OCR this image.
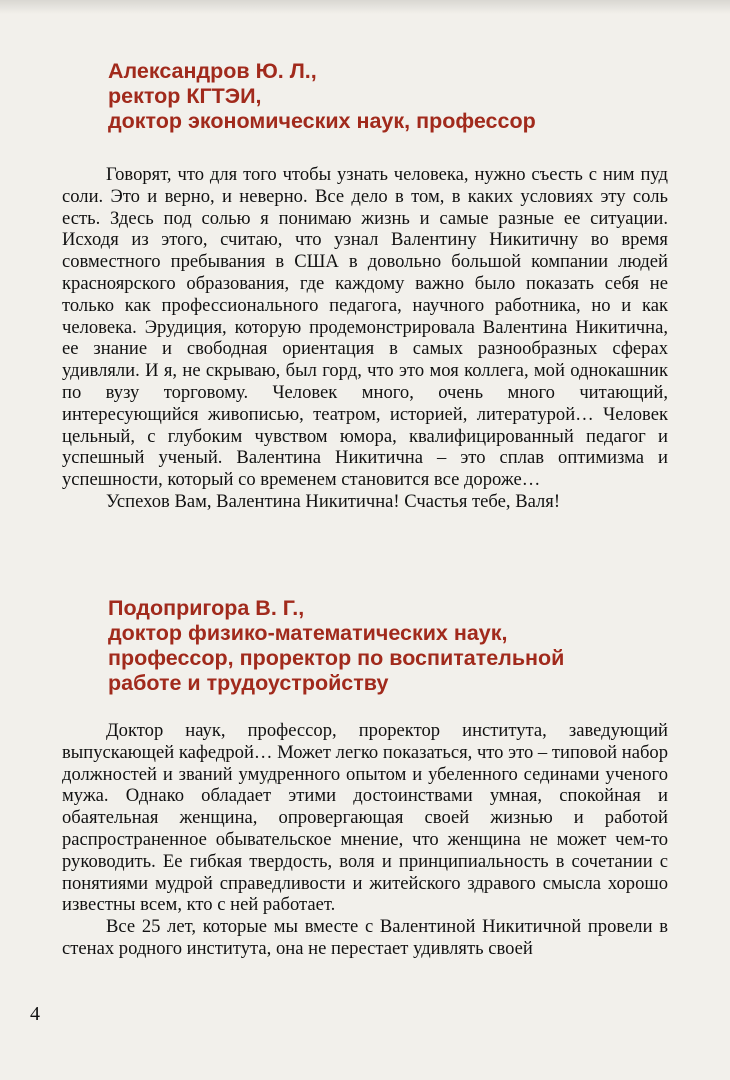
Александров Ю. Л.,
ректор КГТЭИ,
доктор экономических наук, профессор

Говорят, что для того чтобы узнать человека, нужно съесть с ним пуд соли. Это и верно, и неверно. Все дело в том, в каких условиях эту соль есть. Здесь под солью я понимаю жизнь и самые разные ее ситуации. Исходя из этого, считаю, что узнал Валентину Никитичну во время совместного пребывания в США в довольно большой компании людей красноярского образования, где каждому важно было показать себя не только как профессионального педагога, научного работника, но и как человека. Эрудиция, которую продемонстрировала Валентина Никитична, ее знание и свободная ориентация в самых разнообразных сферах удивляли. И я, не скрываю, был горд, что это моя коллега, мой однокашник по вузу торговому. Человек много, очень много читающий, интересующийся живописью, театром, историей, литературой… Человек цельный, с глубоким чувством юмора, квалифицированный педагог и успешный ученый. Валентина Никитична – это сплав оптимизма и успешности, который со временем становится все дороже…

Успехов Вам, Валентина Никитична! Счастья тебе, Валя!

Подопригора В. Г.,
доктор физико-математических наук,
профессор, проректор по воспитательной
работе и трудоустройству

Доктор наук, профессор, проректор института, заведующий выпускающей кафедрой… Может легко показаться, что это – типовой набор должностей и званий умудренного опытом и убеленного сединами ученого мужа. Однако обладает этими достоинствами умная, спокойная и обаятельная женщина, опровергающая своей жизнью и работой распространенное обывательское мнение, что женщина не может чем-то руководить. Ее гибкая твердость, воля и принципиальность в сочетании с понятиями мудрой справедливости и житейского здравого смысла хорошо известны всем, кто с ней работает.

Все 25 лет, которые мы вместе с Валентиной Никитичной провели в стенах родного института, она не перестает удивлять своей

4
